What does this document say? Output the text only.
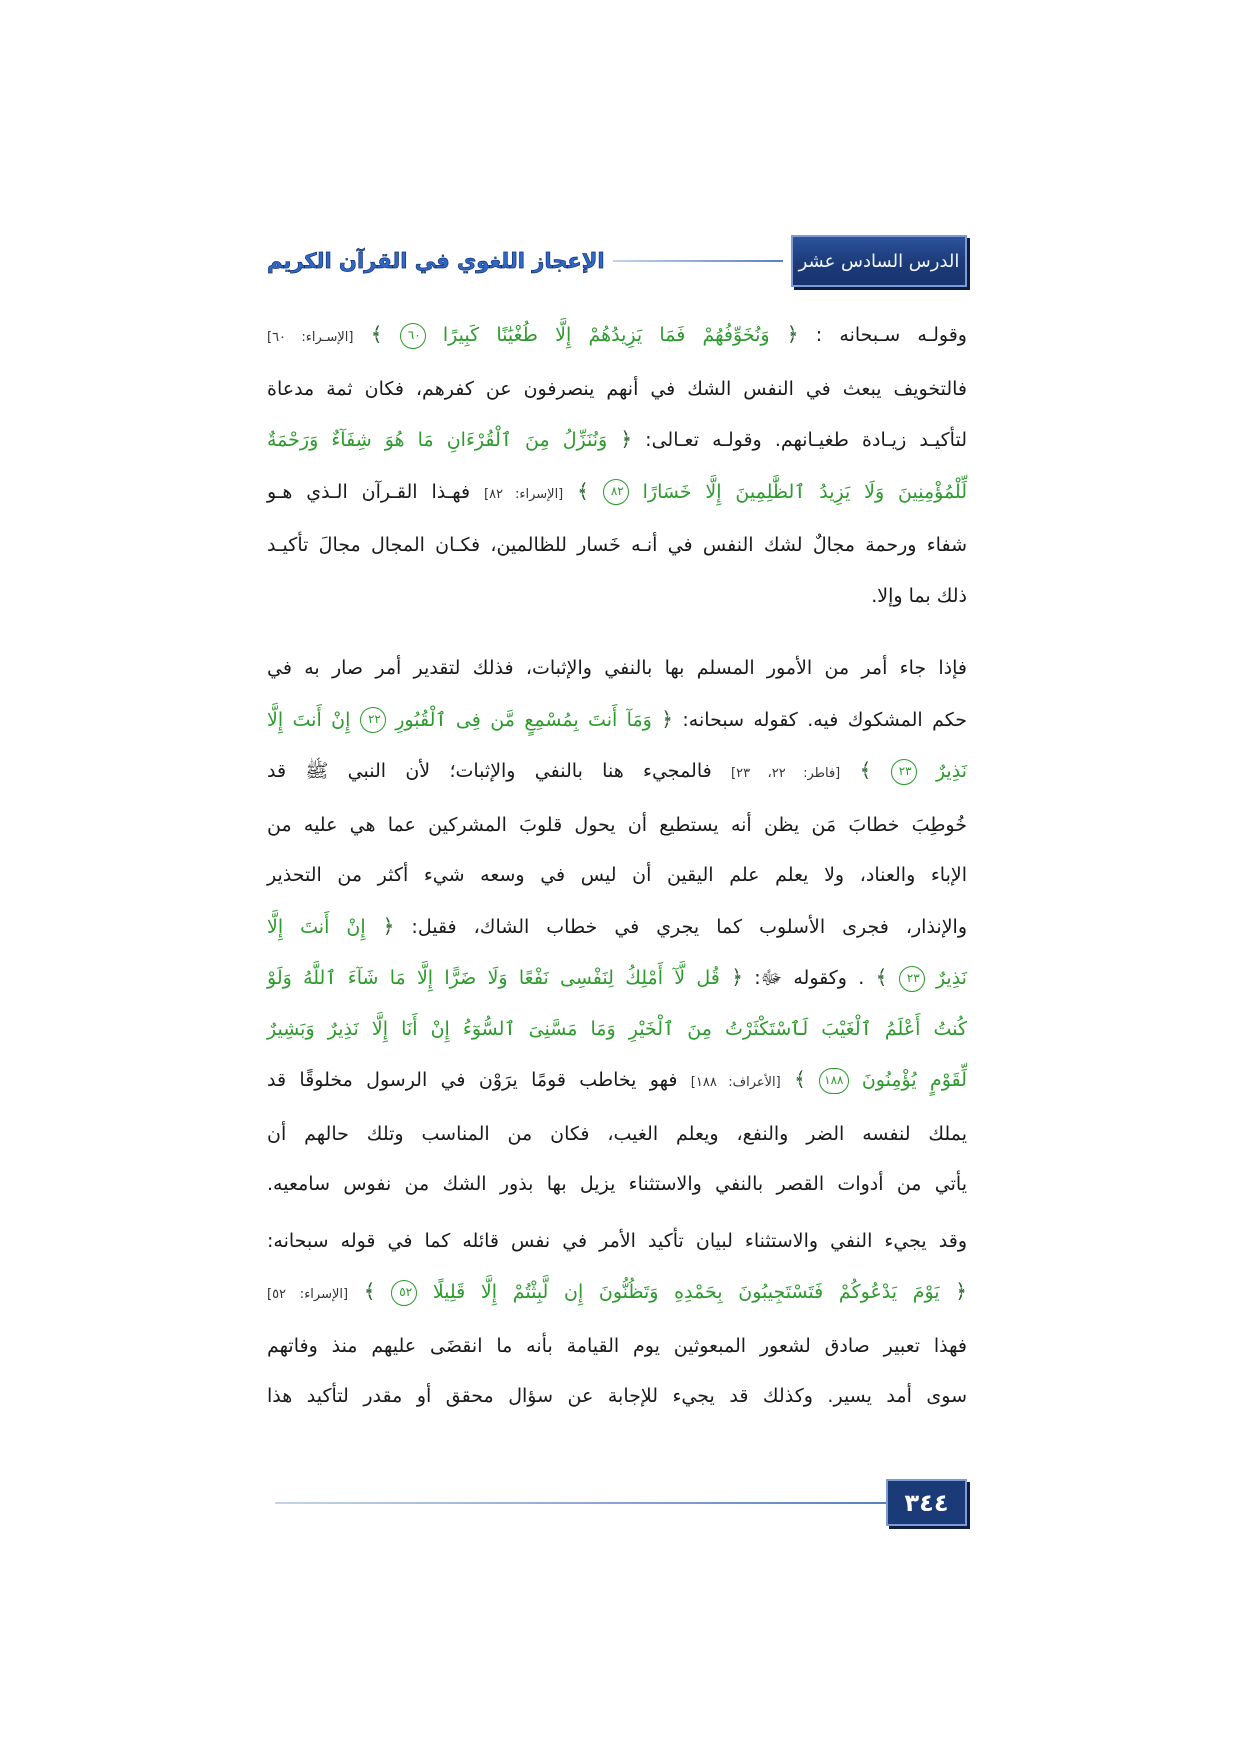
الدرس السادس عشر
الإعجاز اللغوي في القرآن الكريم
وقولـه سـبحانه : ﴿ وَنُخَوِّفُهُمْ فَمَا يَزِيدُهُمْ إِلَّا طُغْيَٰنًا كَبِيرًا ٦٠ ﴾ [الإسـراء: ٦٠]
فالتخويف يبعث في النفس الشك في أنهم ينصرفون عن كفرهم، فكان ثمة مدعاة
لتأكيـد زيـادة طغيـانهم. وقولـه تعـالى: ﴿ وَنُنَزِّلُ مِنَ ٱلْقُرْءَانِ مَا هُوَ شِفَآءٌ وَرَحْمَةٌ
لِّلْمُؤْمِنِينَ وَلَا يَزِيدُ ٱلظَّٰلِمِينَ إِلَّا خَسَارًا ٨٢ ﴾ [الإسراء: ٨٢] فهـذا القـرآن الـذي هـو
شفاء ورحمة مجالٌ لشك النفس في أنـه خَسار للظالمين، فكـان المجال مجالَ تأكيـد
ذلك بما وإلا.
فإذا جاء أمر من الأمور المسلم بها بالنفي والإثبات، فذلك لتقدير أمر صار به في
حكم المشكوك فيه. كقوله سبحانه: ﴿ وَمَآ أَنتَ بِمُسْمِعٍ مَّن فِى ٱلْقُبُورِ ٢٢ إِنْ أَنتَ إِلَّا
نَذِيرٌ ٢٣ ﴾ [فاطر: ٢٢، ٢٣] فالمجيء هنا بالنفي والإثبات؛ لأن النبي ﷺ قد
خُوطِبَ خطابَ مَن يظن أنه يستطيع أن يحول قلوبَ المشركين عما هي عليه من
الإباء والعناد، ولا يعلم علم اليقين أن ليس في وسعه شيء أكثر من التحذير
والإنذار، فجرى الأسلوب كما يجري في خطاب الشاك، فقيل: ﴿ إِنْ أَنتَ إِلَّا
نَذِيرٌ ٢٣ ﴾ . وكقوله ﷻ: ﴿ قُل لَّآ أَمْلِكُ لِنَفْسِى نَفْعًا وَلَا ضَرًّا إِلَّا مَا شَآءَ ٱللَّهُ وَلَوْ
كُنتُ أَعْلَمُ ٱلْغَيْبَ لَٱسْتَكْثَرْتُ مِنَ ٱلْخَيْرِ وَمَا مَسَّنِىَ ٱلسُّوٓءُ إِنْ أَنَا إِلَّا نَذِيرٌ وَبَشِيرٌ
لِّقَوْمٍ يُؤْمِنُونَ ١٨٨ ﴾ [الأعراف: ١٨٨] فهو يخاطب قومًا يرَوْن في الرسول مخلوقًا قد
يملك لنفسه الضر والنفع، ويعلم الغيب، فكان من المناسب وتلك حالهم أن
يأتي من أدوات القصر بالنفي والاستثناء يزيل بها بذور الشك من نفوس سامعيه.
وقد يجيء النفي والاستثناء لبيان تأكيد الأمر في نفس قائله كما في قوله سبحانه:
﴿ يَوْمَ يَدْعُوكُمْ فَتَسْتَجِيبُونَ بِحَمْدِهِ وَتَظُنُّونَ إِن لَّبِثْتُمْ إِلَّا قَلِيلًا ٥٢ ﴾ [الإسراء: ٥٢]
فهذا تعبير صادق لشعور المبعوثين يوم القيامة بأنه ما انقضَى عليهم منذ وفاتهم
سوى أمد يسير. وكذلك قد يجيء للإجابة عن سؤال محقق أو مقدر لتأكيد هذا
٣٤٤
